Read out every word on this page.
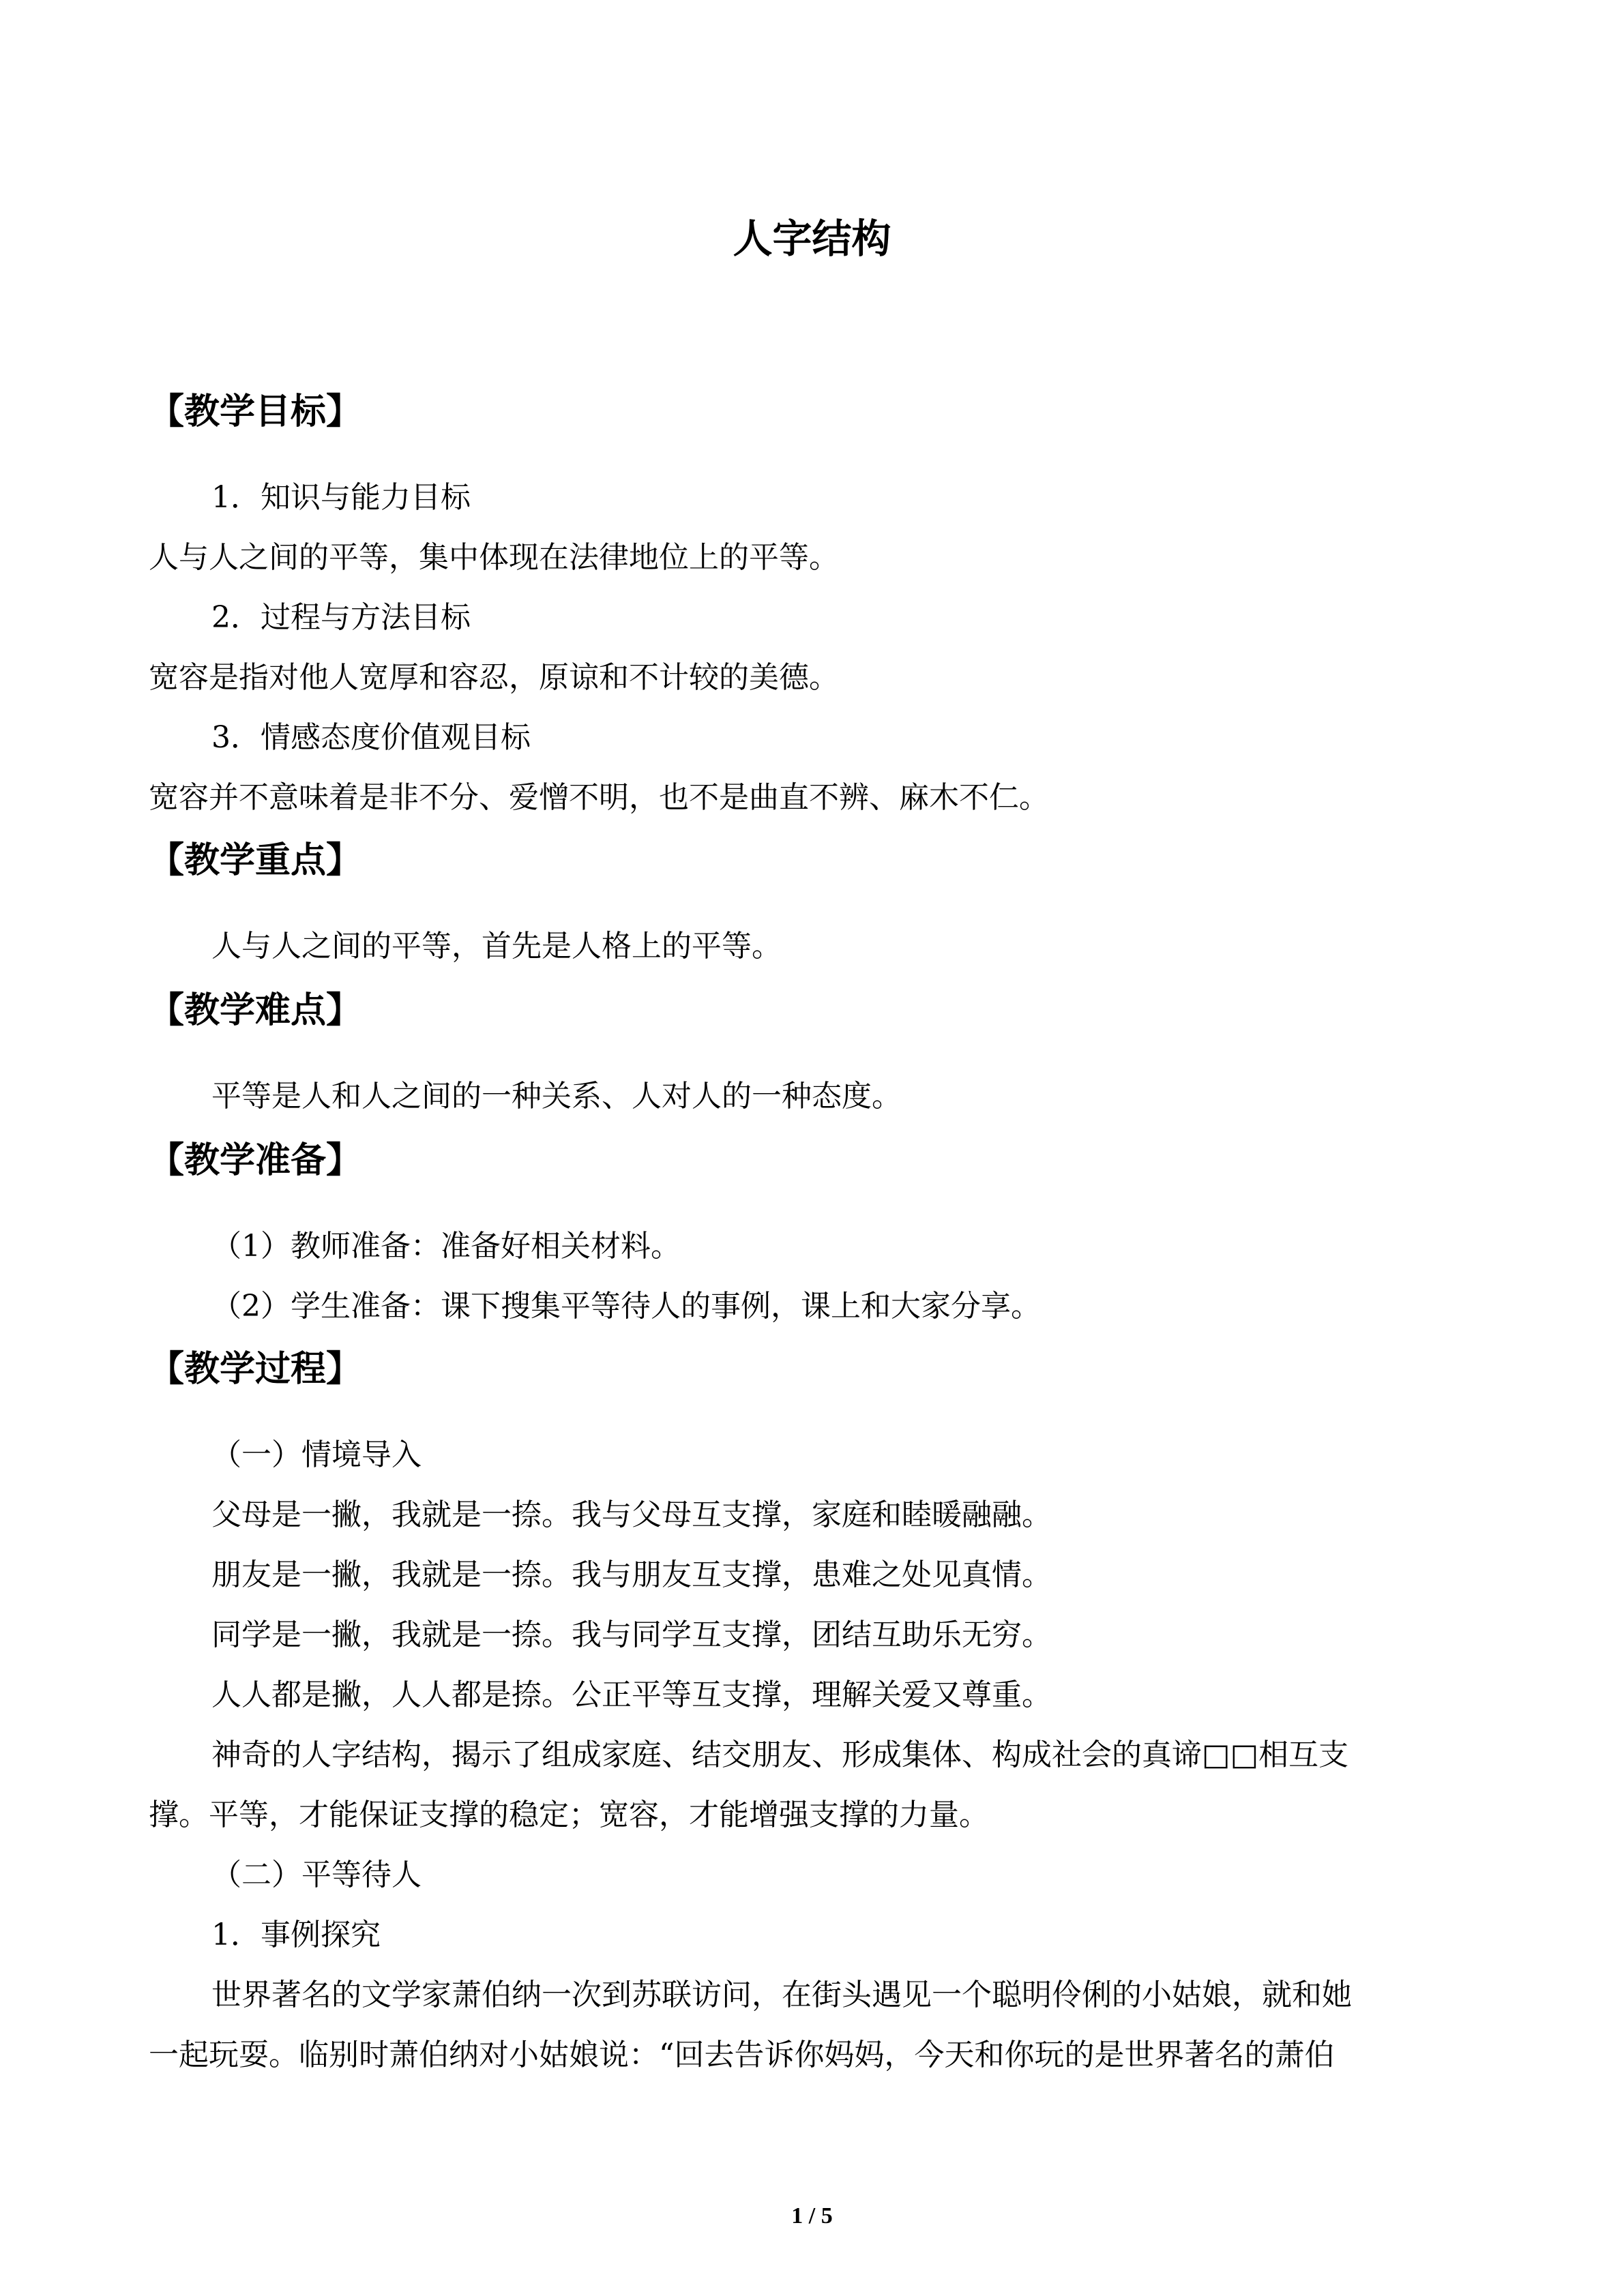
人字结构
【教学目标】
1．知识与能力目标
人与人之间的平等，集中体现在法律地位上的平等。
2．过程与方法目标
宽容是指对他人宽厚和容忍，原谅和不计较的美德。
3．情感态度价值观目标
宽容并不意味着是非不分、爱憎不明，也不是曲直不辨、麻木不仁。
【教学重点】
人与人之间的平等，首先是人格上的平等。
【教学难点】
平等是人和人之间的一种关系、人对人的一种态度。
【教学准备】
（1）教师准备：准备好相关材料。
（2）学生准备：课下搜集平等待人的事例，课上和大家分享。
【教学过程】
（一）情境导入
父母是一撇，我就是一捺。我与父母互支撑，家庭和睦暖融融。
朋友是一撇，我就是一捺。我与朋友互支撑，患难之处见真情。
同学是一撇，我就是一捺。我与同学互支撑，团结互助乐无穷。
人人都是撇，人人都是捺。公正平等互支撑，理解关爱又尊重。
神奇的人字结构，揭示了组成家庭、结交朋友、形成集体、构成社会的真谛□□相互支
撑。平等，才能保证支撑的稳定；宽容，才能增强支撑的力量。
（二）平等待人
1．事例探究
世界著名的文学家萧伯纳一次到苏联访问，在街头遇见一个聪明伶俐的小姑娘，就和她
一起玩耍。临别时萧伯纳对小姑娘说：“回去告诉你妈妈，今天和你玩的是世界著名的萧伯
1 / 5
